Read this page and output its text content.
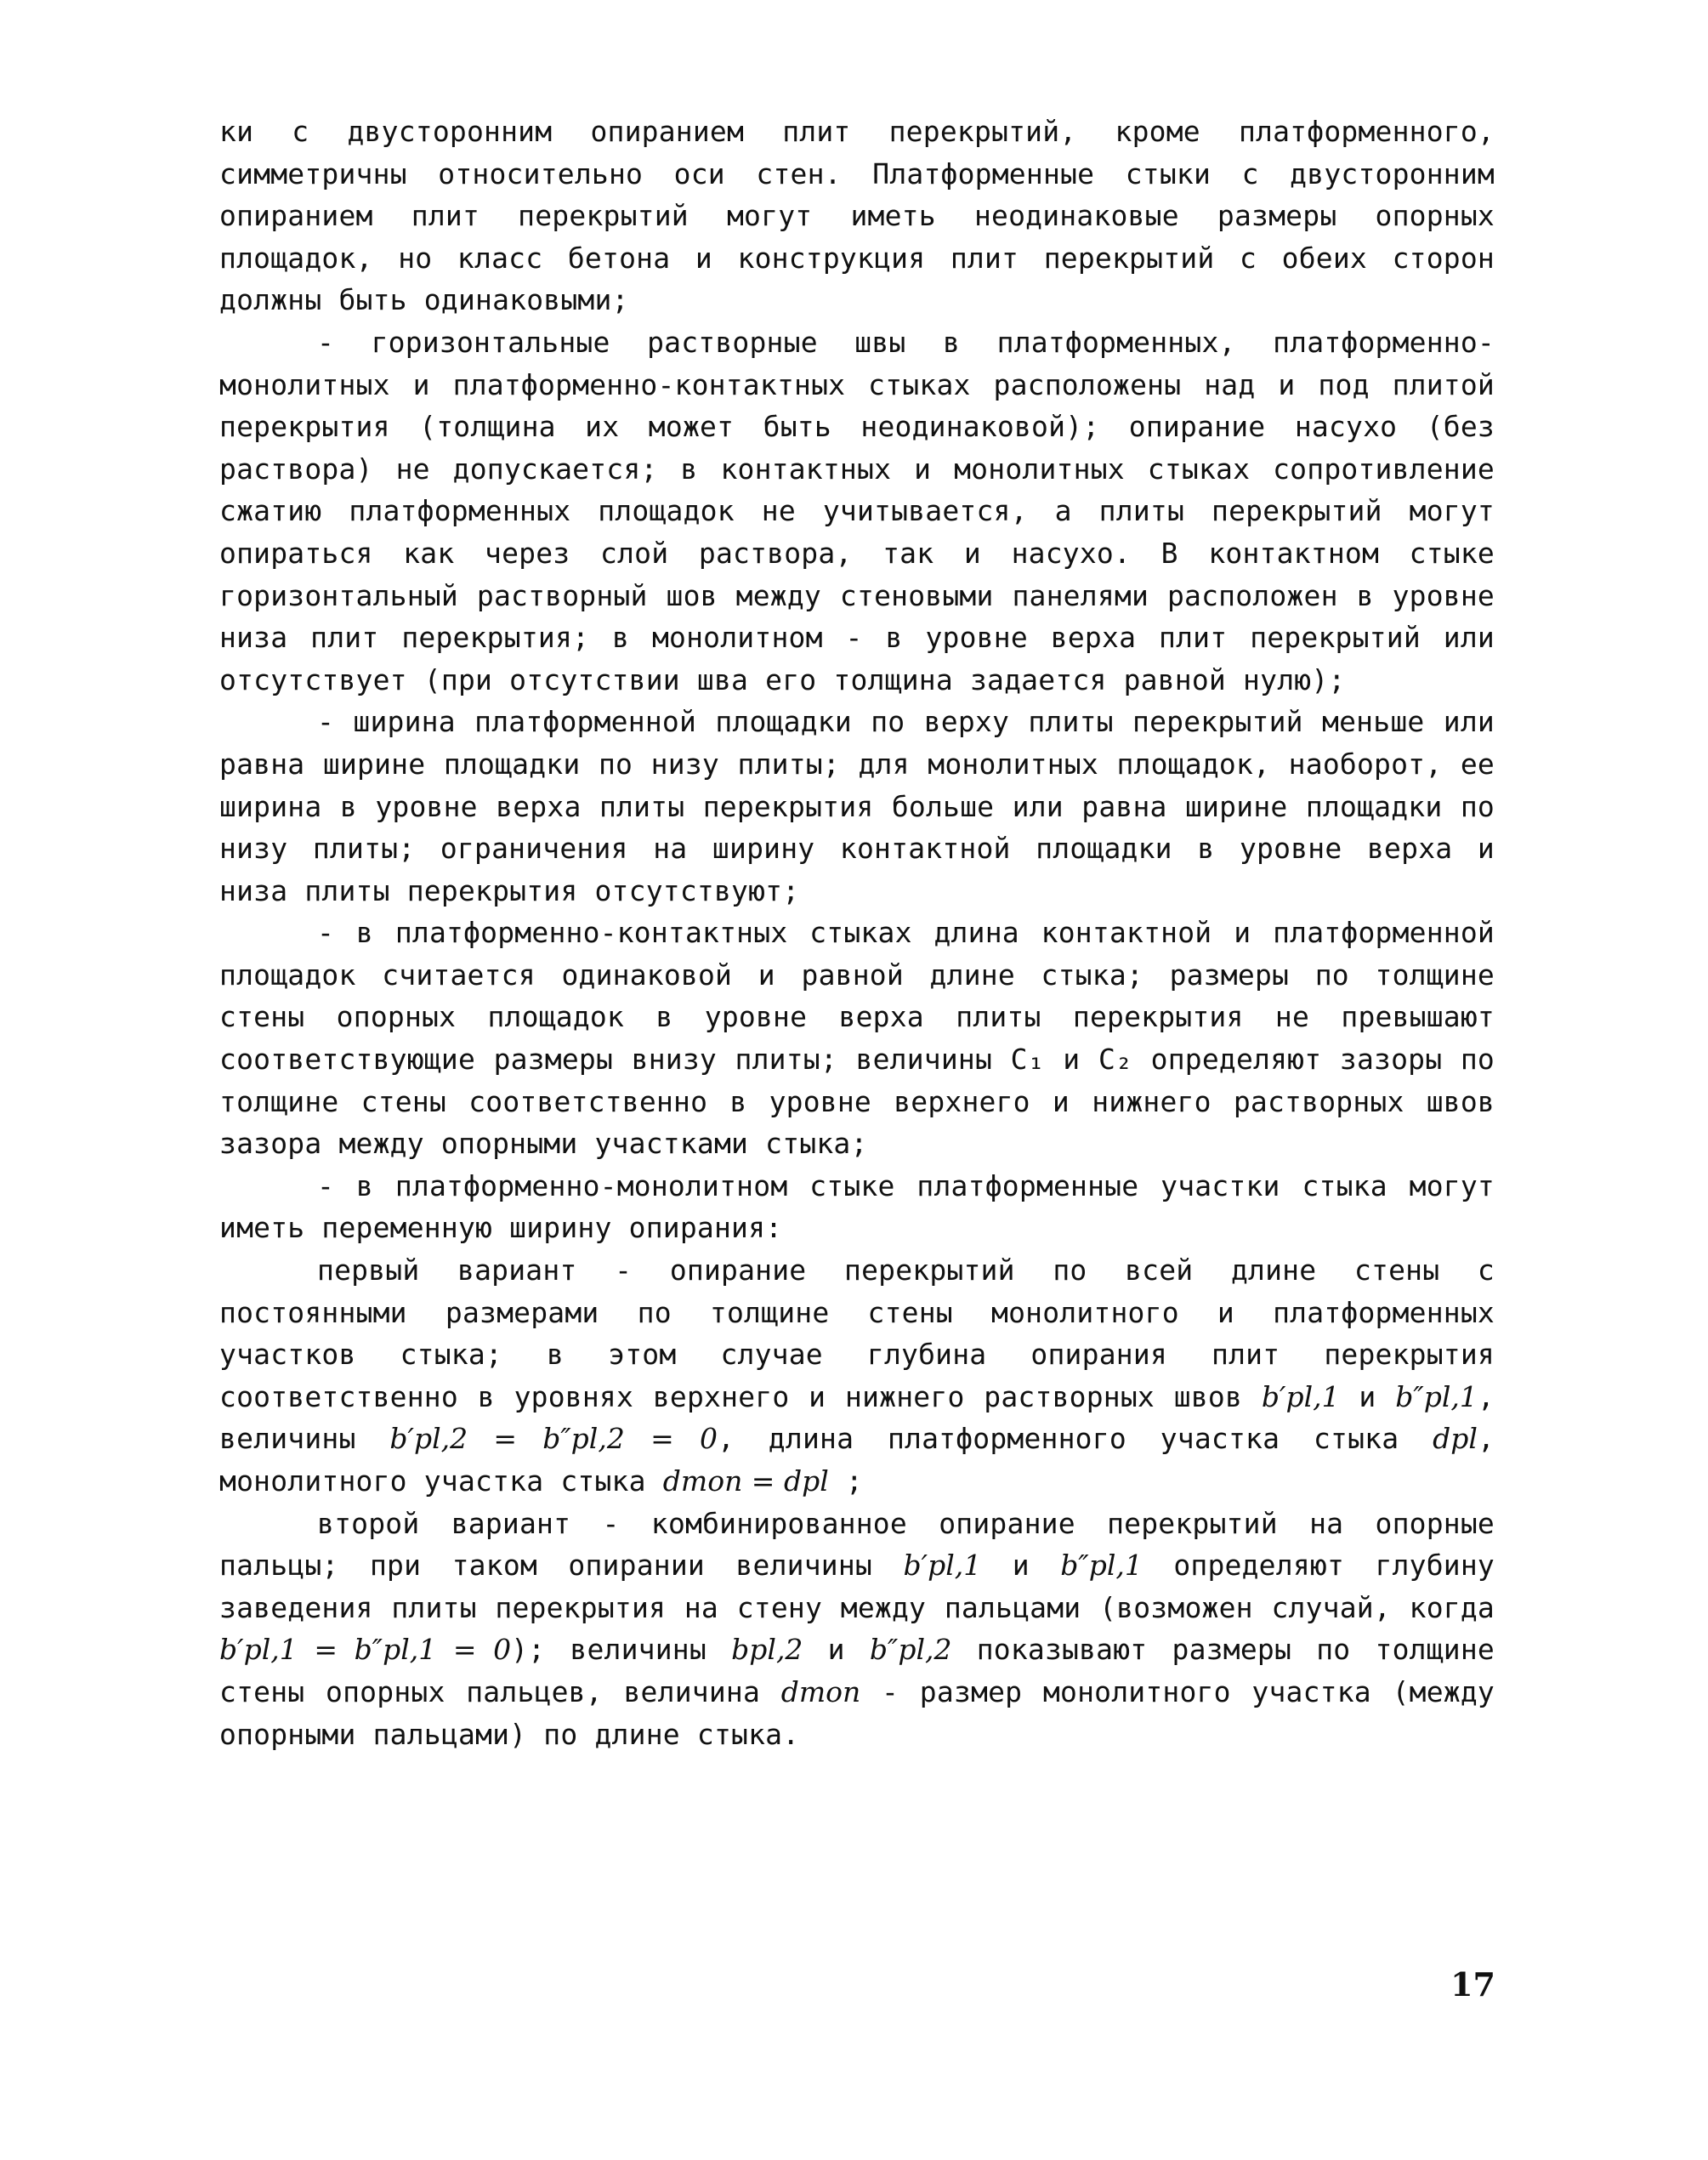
ки с двусторонним опиранием плит перекрытий, кроме платформенного, симметричны относительно оси стен. Платформенные стыки с двусторонним опиранием плит перекрытий могут иметь неодинаковые размеры опорных площадок, но класс бетона и конструкция плит перекрытий с обеих сторон должны быть одинаковыми;

- горизонтальные растворные швы в платформенных, платформенно-монолитных и платформенно-контактных стыках расположены над и под плитой перекрытия (толщина их может быть неодинаковой); опирание насухо (без раствора) не допускается; в контактных и монолитных стыках сопротивление сжатию платформенных площадок не учитывается, а плиты перекрытий могут опираться как через слой раствора, так и насухо. В контактном стыке горизонтальный растворный шов между стеновыми панелями расположен в уровне низа плит перекрытия; в монолитном - в уровне верха плит перекрытий или отсутствует (при отсутствии шва его толщина задается равной нулю);

- ширина платформенной площадки по верху плиты перекрытий меньше или равна ширине площадки по низу плиты; для монолитных площадок, наоборот, ее ширина в уровне верха плиты перекрытия больше или равна ширине площадки по низу плиты; ограничения на ширину контактной площадки в уровне верха и низа плиты перекрытия отсутствуют;

- в платформенно-контактных стыках длина контактной и платформенной площадок считается одинаковой и равной длине стыка; размеры по толщине стены опорных площадок в уровне верха плиты перекрытия не превышают соответствующие размеры внизу плиты; величины C₁ и C₂ определяют зазоры по толщине стены соответственно в уровне верхнего и нижнего растворных швов зазора между опорными участками стыка;

- в платформенно-монолитном стыке платформенные участки стыка могут иметь переменную ширину опирания:

первый вариант - опирание перекрытий по всей длине стены с постоянными размерами по толщине стены монолитного и платформенных участков стыка; в этом случае глубина опирания плит перекрытия соответственно в уровнях верхнего и нижнего растворных швов b′pl,1 и b″pl,1, величины b′pl,2 = b″pl,2 = 0, длина платформенного участка стыка dpl, монолитного участка стыка dmon = dpl ;

второй вариант - комбинированное опирание перекрытий на опорные пальцы; при таком опирании величины b′pl,1 и b″pl,1 определяют глубину заведения плиты перекрытия на стену между пальцами (возможен случай, когда b′pl,1 = b″pl,1 = 0); величины bpl,2 и b″pl,2 показывают размеры по толщине стены опорных пальцев, величина dmon - размер монолитного участка (между опорными пальцами) по длине стыка.

17
